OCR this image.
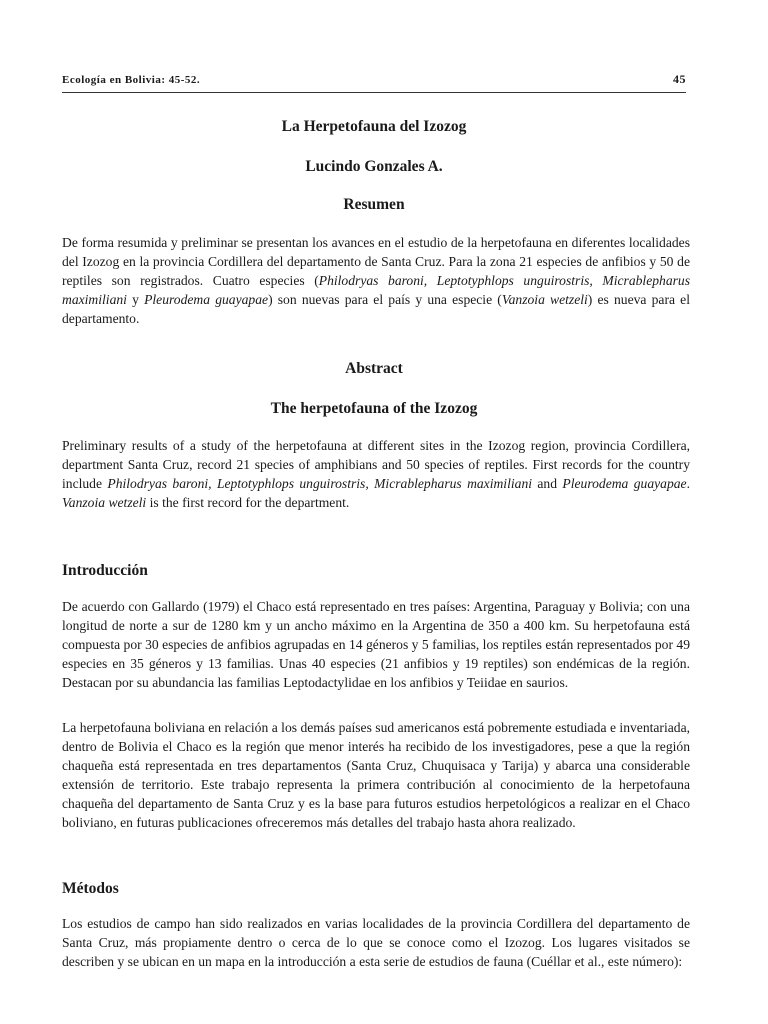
Ecología en Bolivia: 45-52.	45
La Herpetofauna del Izozog
Lucindo Gonzales A.
Resumen

De forma resumida y preliminar se presentan los avances en el estudio de la herpetofauna en diferentes localidades del Izozog en la provincia Cordillera del departamento de Santa Cruz. Para la zona 21 especies de anfibios y 50 de reptiles son registrados. Cuatro especies (Philodryas baroni, Leptotyphlops unguirostris, Micrablepharus maximiliani y Pleurodema guayapae) son nuevas para el país y una especie (Vanzoia wetzeli) es nueva para el departamento.

Abstract
The herpetofauna of the Izozog

Preliminary results of a study of the herpetofauna at different sites in the Izozog region, provincia Cordillera, department Santa Cruz, record 21 species of amphibians and 50 species of reptiles. First records for the country include Philodryas baroni, Leptotyphlops unguirostris, Micrablepharus maximiliani and Pleurodema guayapae. Vanzoia wetzeli is the first record for the department.

Introducción

De acuerdo con Gallardo (1979) el Chaco está representado en tres países: Argentina, Paraguay y Bolivia; con una longitud de norte a sur de 1280 km y un ancho máximo en la Argentina de 350 a 400 km. Su herpetofauna está compuesta por 30 especies de anfibios agrupadas en 14 géneros y 5 familias, los reptiles están representados por 49 especies en 35 géneros y 13 familias. Unas 40 especies (21 anfibios y 19 reptiles) son endémicas de la región. Destacan por su abundancia las familias Leptodactylidae en los anfibios y Teiidae en saurios.

La herpetofauna boliviana en relación a los demás países sud americanos está pobremente estudiada e inventariada, dentro de Bolivia el Chaco es la región que menor interés ha recibido de los investigadores, pese a que la región chaqueña está representada en tres departamentos (Santa Cruz, Chuquisaca y Tarija) y abarca una considerable extensión de territorio. Este trabajo representa la primera contribución al conocimiento de la herpetofauna chaqueña del departamento de Santa Cruz y es la base para futuros estudios herpetológicos a realizar en el Chaco boliviano, en futuras publicaciones ofreceremos más detalles del trabajo hasta ahora realizado.

Métodos

Los estudios de campo han sido realizados en varias localidades de la provincia Cordillera del departamento de Santa Cruz, más propiamente dentro o cerca de lo que se conoce como el Izozog. Los lugares visitados se describen y se ubican en un mapa en la introducción a esta serie de estudios de fauna (Cuéllar et al., este número):
